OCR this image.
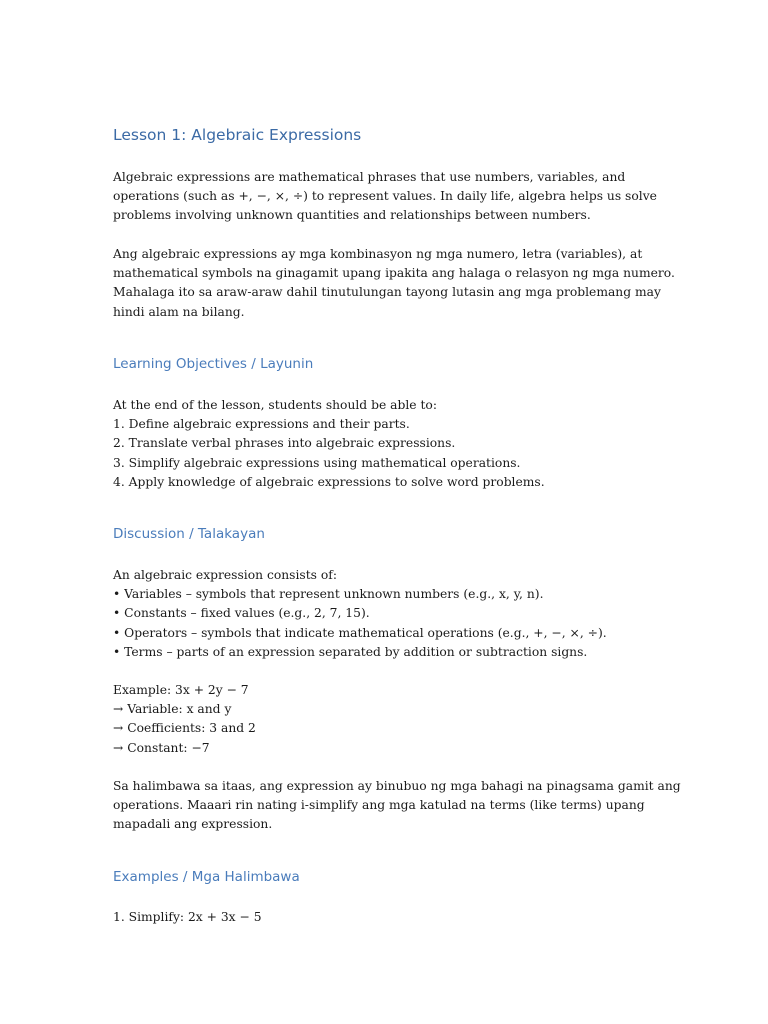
Lesson 1: Algebraic Expressions
Algebraic expressions are mathematical phrases that use numbers, variables, and
operations (such as +, −, ×, ÷) to represent values. In daily life, algebra helps us solve
problems involving unknown quantities and relationships between numbers.
Ang algebraic expressions ay mga kombinasyon ng mga numero, letra (variables), at
mathematical symbols na ginagamit upang ipakita ang halaga o relasyon ng mga numero.
Mahalaga ito sa araw-araw dahil tinutulungan tayong lutasin ang mga problemang may
hindi alam na bilang.
Learning Objectives / Layunin
At the end of the lesson, students should be able to:
1. Define algebraic expressions and their parts.
2. Translate verbal phrases into algebraic expressions.
3. Simplify algebraic expressions using mathematical operations.
4. Apply knowledge of algebraic expressions to solve word problems.
Discussion / Talakayan
An algebraic expression consists of:
• Variables – symbols that represent unknown numbers (e.g., x, y, n).
• Constants – fixed values (e.g., 2, 7, 15).
• Operators – symbols that indicate mathematical operations (e.g., +, −, ×, ÷).
• Terms – parts of an expression separated by addition or subtraction signs.
Example: 3x + 2y − 7
→ Variable: x and y
→ Coefficients: 3 and 2
→ Constant: −7
Sa halimbawa sa itaas, ang expression ay binubuo ng mga bahagi na pinagsama gamit ang
operations. Maaari rin nating i-simplify ang mga katulad na terms (like terms) upang
mapadali ang expression.
Examples / Mga Halimbawa
1. Simplify: 2x + 3x − 5
